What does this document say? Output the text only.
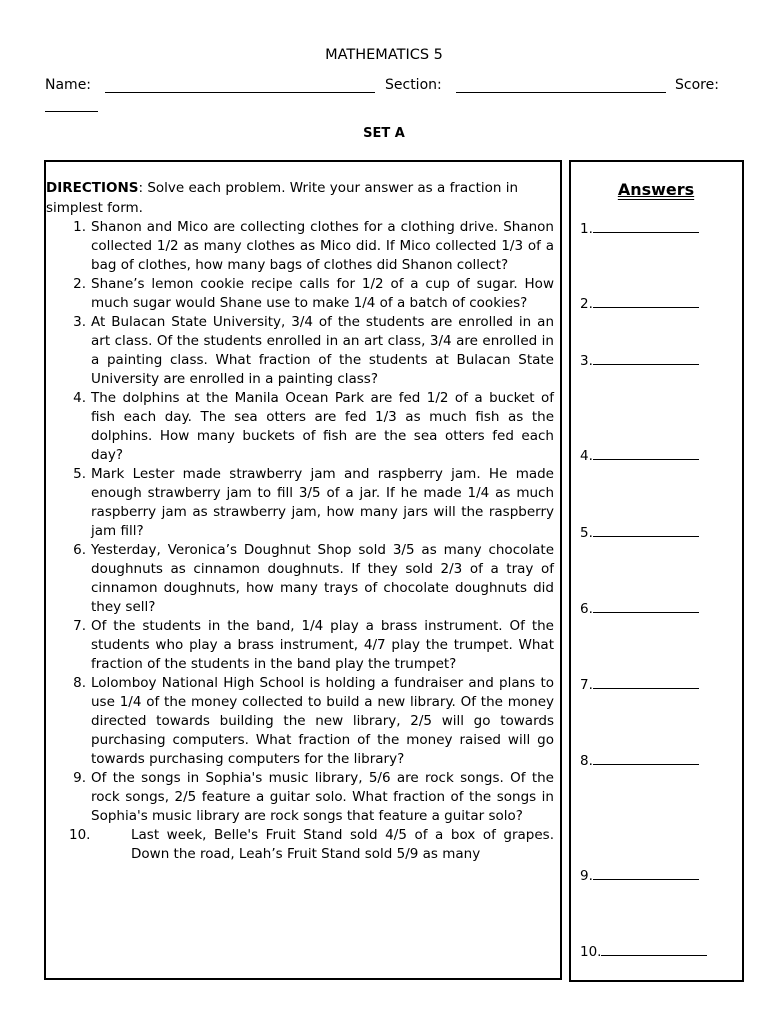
MATHEMATICS 5
Name:	Section:	Score:
SET A
DIRECTIONS: Solve each problem. Write your answer as a fraction in simplest form.
1. Shanon and Mico are collecting clothes for a clothing drive. Shanon collected 1/2 as many clothes as Mico did. If Mico collected 1/3 of a bag of clothes, how many bags of clothes did Shanon collect?
2. Shane’s lemon cookie recipe calls for 1/2 of a cup of sugar. How much sugar would Shane use to make 1/4 of a batch of cookies?
3. At Bulacan State University, 3/4 of the students are enrolled in an art class. Of the students enrolled in an art class, 3/4 are enrolled in a painting class. What fraction of the students at Bulacan State University are enrolled in a painting class?
4. The dolphins at the Manila Ocean Park are fed 1/2 of a bucket of fish each day. The sea otters are fed 1/3 as much fish as the dolphins. How many buckets of fish are the sea otters fed each day?
5. Mark Lester made strawberry jam and raspberry jam. He made enough strawberry jam to fill 3/5 of a jar. If he made 1/4 as much raspberry jam as strawberry jam, how many jars will the raspberry jam fill?
6. Yesterday, Veronica’s Doughnut Shop sold 3/5 as many chocolate doughnuts as cinnamon doughnuts. If they sold 2/3 of a tray of cinnamon doughnuts, how many trays of chocolate doughnuts did they sell?
7. Of the students in the band, 1/4 play a brass instrument. Of the students who play a brass instrument, 4/7 play the trumpet. What fraction of the students in the band play the trumpet?
8. Lolomboy National High School is holding a fundraiser and plans to use 1/4 of the money collected to build a new library. Of the money directed towards building the new library, 2/5 will go towards purchasing computers. What fraction of the money raised will go towards purchasing computers for the library?
9. Of the songs in Sophia's music library, 5/6 are rock songs. Of the rock songs, 2/5 feature a guitar solo. What fraction of the songs in Sophia's music library are rock songs that feature a guitar solo?
10.	Last week, Belle's Fruit Stand sold 4/5 of a box of grapes. Down the road, Leah’s Fruit Stand sold 5/9 as many
Answers
1.
2.
3.
4.
5.
6.
7.
8.
9.
10.
